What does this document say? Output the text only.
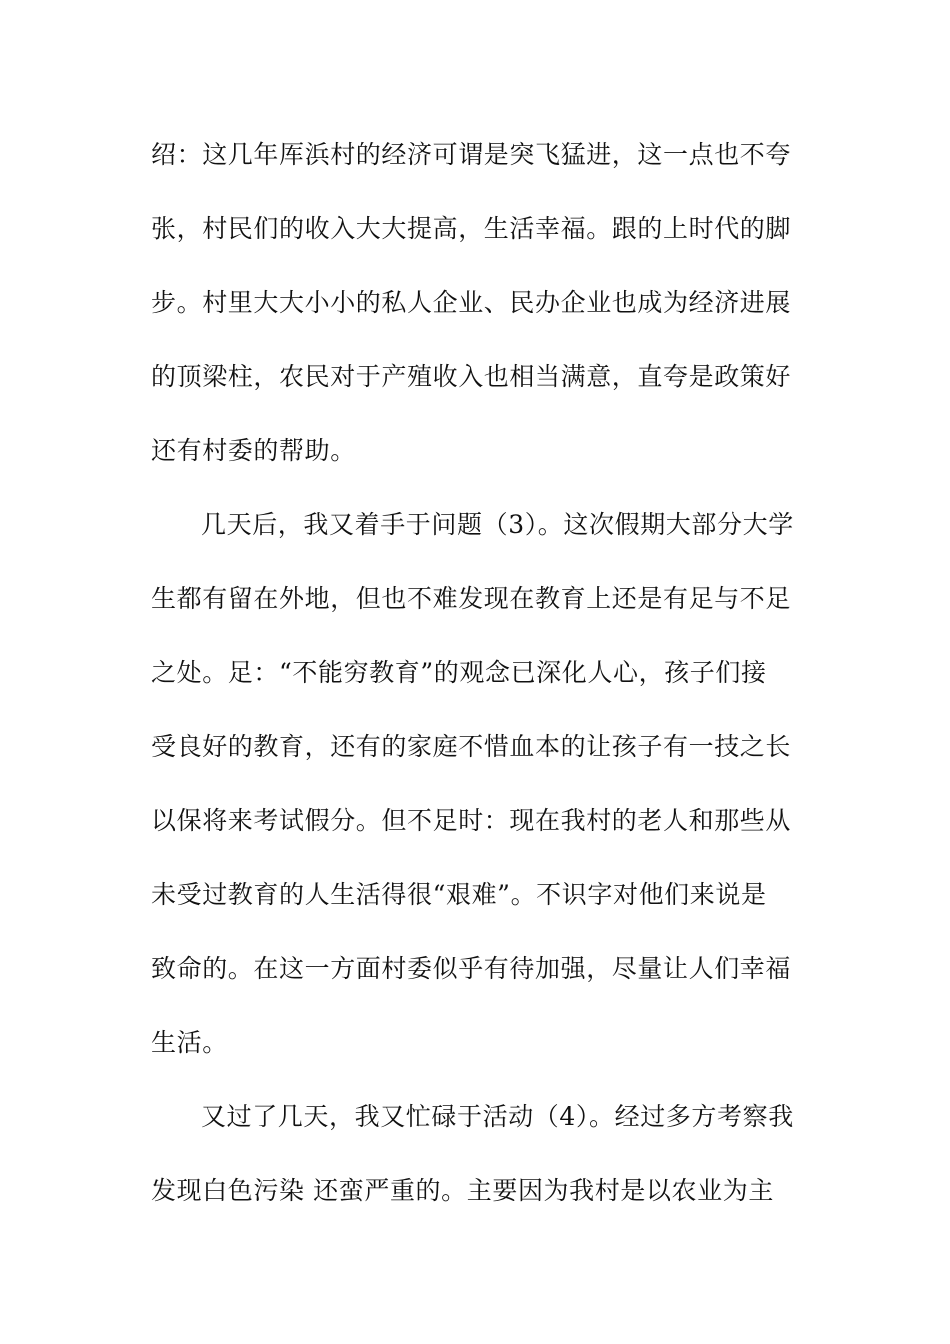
绍：这几年厍浜村的经济可谓是突飞猛进，这一点也不夸
张，村民们的收入大大提高，生活幸福。跟的上时代的脚
步。村里大大小小的私人企业、民办企业也成为经济进展
的顶梁柱，农民对于产殖收入也相当满意，直夸是政策好
还有村委的帮助。
几天后，我又着手于问题（3）。这次假期大部分大学
生都有留在外地，但也不难发现在教育上还是有足与不足
之处。足：“不能穷教育”的观念已深化人心，孩子们接
受良好的教育，还有的家庭不惜血本的让孩子有一技之长
以保将来考试假分。但不足时：现在我村的老人和那些从
未受过教育的人生活得很“艰难”。不识字对他们来说是
致命的。在这一方面村委似乎有待加强，尽量让人们幸福
生活。
又过了几天，我又忙碌于活动（4）。经过多方考察我
发现白色污染 还蛮严重的。主要因为我村是以农业为主
